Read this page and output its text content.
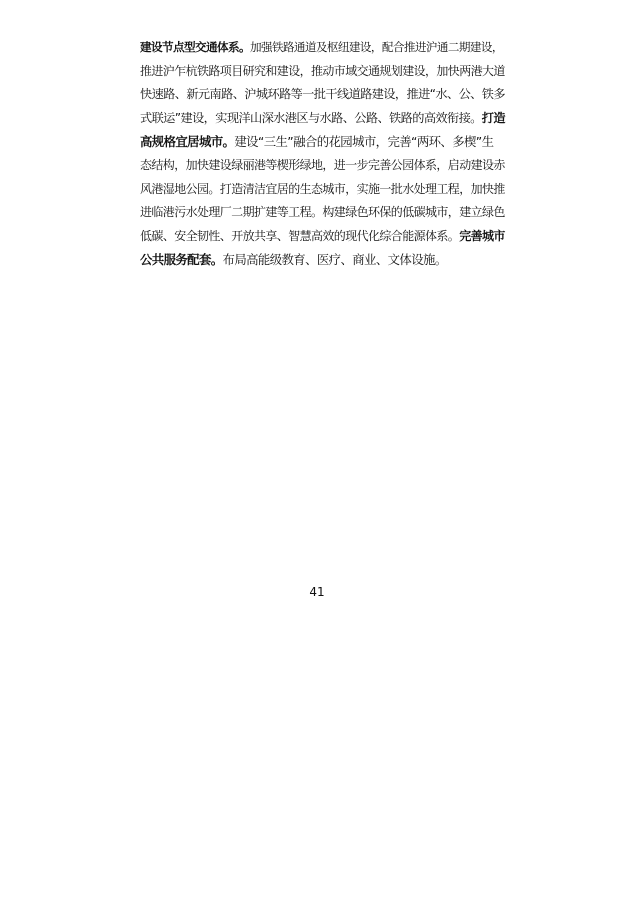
建设节点型交通体系。加强铁路通道及枢纽建设，配合推进沪通二期建设，
推进沪乍杭铁路项目研究和建设，推动市域交通规划建设，加快两港大道
快速路、新元南路、沪城环路等一批干线道路建设，推进“水、公、铁多
式联运”建设，实现洋山深水港区与水路、公路、铁路的高效衔接。打造
高规格宜居城市。建设“三生”融合的花园城市，完善“两环、多楔”生
态结构，加快建设绿丽港等楔形绿地，进一步完善公园体系，启动建设赤
风港湿地公园。打造清洁宜居的生态城市，实施一批水处理工程，加快推
进临港污水处理厂二期扩建等工程。构建绿色环保的低碳城市，建立绿色
低碳、安全韧性、开放共享、智慧高效的现代化综合能源体系。完善城市
公共服务配套。布局高能级教育、医疗、商业、文体设施。
41
